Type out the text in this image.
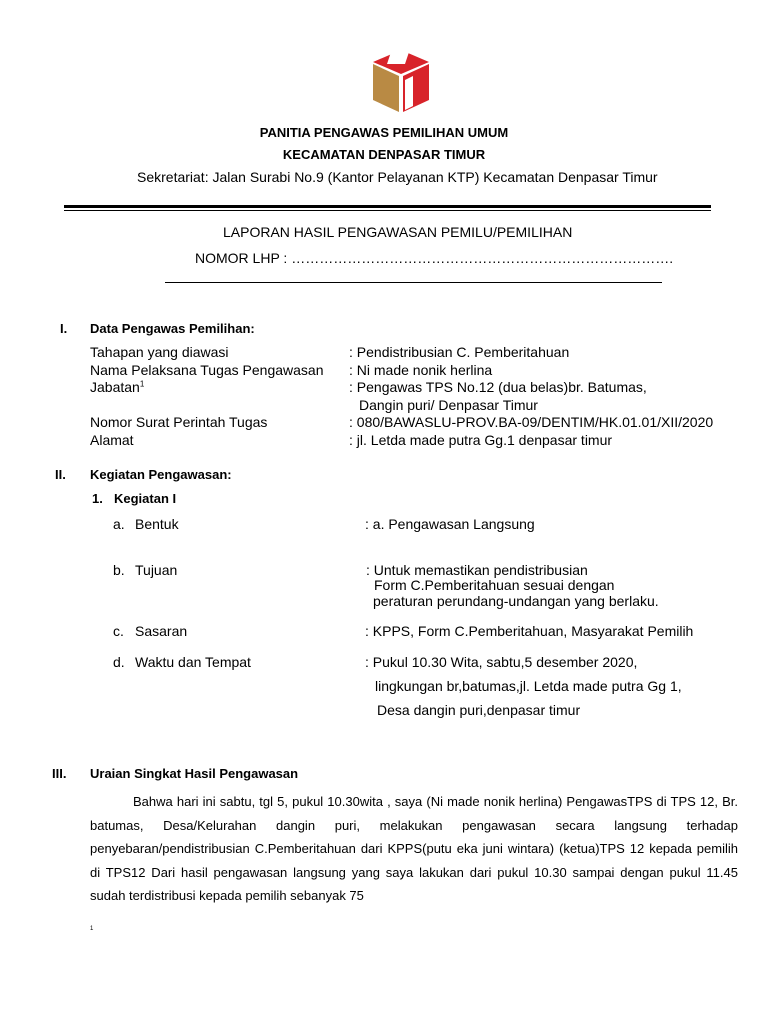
PANITIA PENGAWAS PEMILIHAN UMUM
KECAMATAN DENPASAR TIMUR
Sekretariat: Jalan Surabi No.9 (Kantor Pelayanan KTP) Kecamatan Denpasar Timur
LAPORAN HASIL PENGAWASAN PEMILU/PEMILIHAN
NOMOR LHP : ……………………………………………………………………….
I. Data Pengawas Pemilihan:
Tahapan yang diawasi	: Pendistribusian C. Pemberitahuan
Nama Pelaksana Tugas Pengawasan : Ni made nonik herlina
Jabatan$^1$	: Pengawas TPS No.12 (dua belas)br. Batumas,
Dangin puri/ Denpasar Timur
Nomor Surat Perintah Tugas	: 080/BAWASLU-PROV.BA-09/DENTIM/HK.01.01/XII/2020
Alamat	: jl. Letda made putra Gg.1 denpasar timur
II. Kegiatan Pengawasan:
1. Kegiatan I
a. Bentuk	: a. Pengawasan Langsung
b. Tujuan	: Untuk memastikan pendistribusian
Form C.Pemberitahuan sesuai dengan
peraturan perundang-undangan yang berlaku.
c. Sasaran	: KPPS, Form C.Pemberitahuan, Masyarakat Pemilih
d. Waktu dan Tempat	: Pukul 10.30 Wita, sabtu,5 desember 2020,
lingkungan br,batumas,jl. Letda made putra Gg 1,
Desa dangin puri,denpasar timur
III. Uraian Singkat Hasil Pengawasan
Bahwa hari ini sabtu, tgl 5, pukul 10.30wita , saya (Ni made nonik herlina) PengawasTPS di TPS 12, Br. batumas, Desa/Kelurahan dangin puri, melakukan pengawasan secara langsung terhadap penyebaran/pendistribusian C.Pemberitahuan dari KPPS(putu eka juni wintara) (ketua)TPS 12 kepada pemilih di TPS12 Dari hasil pengawasan langsung yang saya lakukan dari pukul 10.30 sampai dengan pukul 11.45 sudah terdistribusi kepada pemilih sebanyak 75
1
